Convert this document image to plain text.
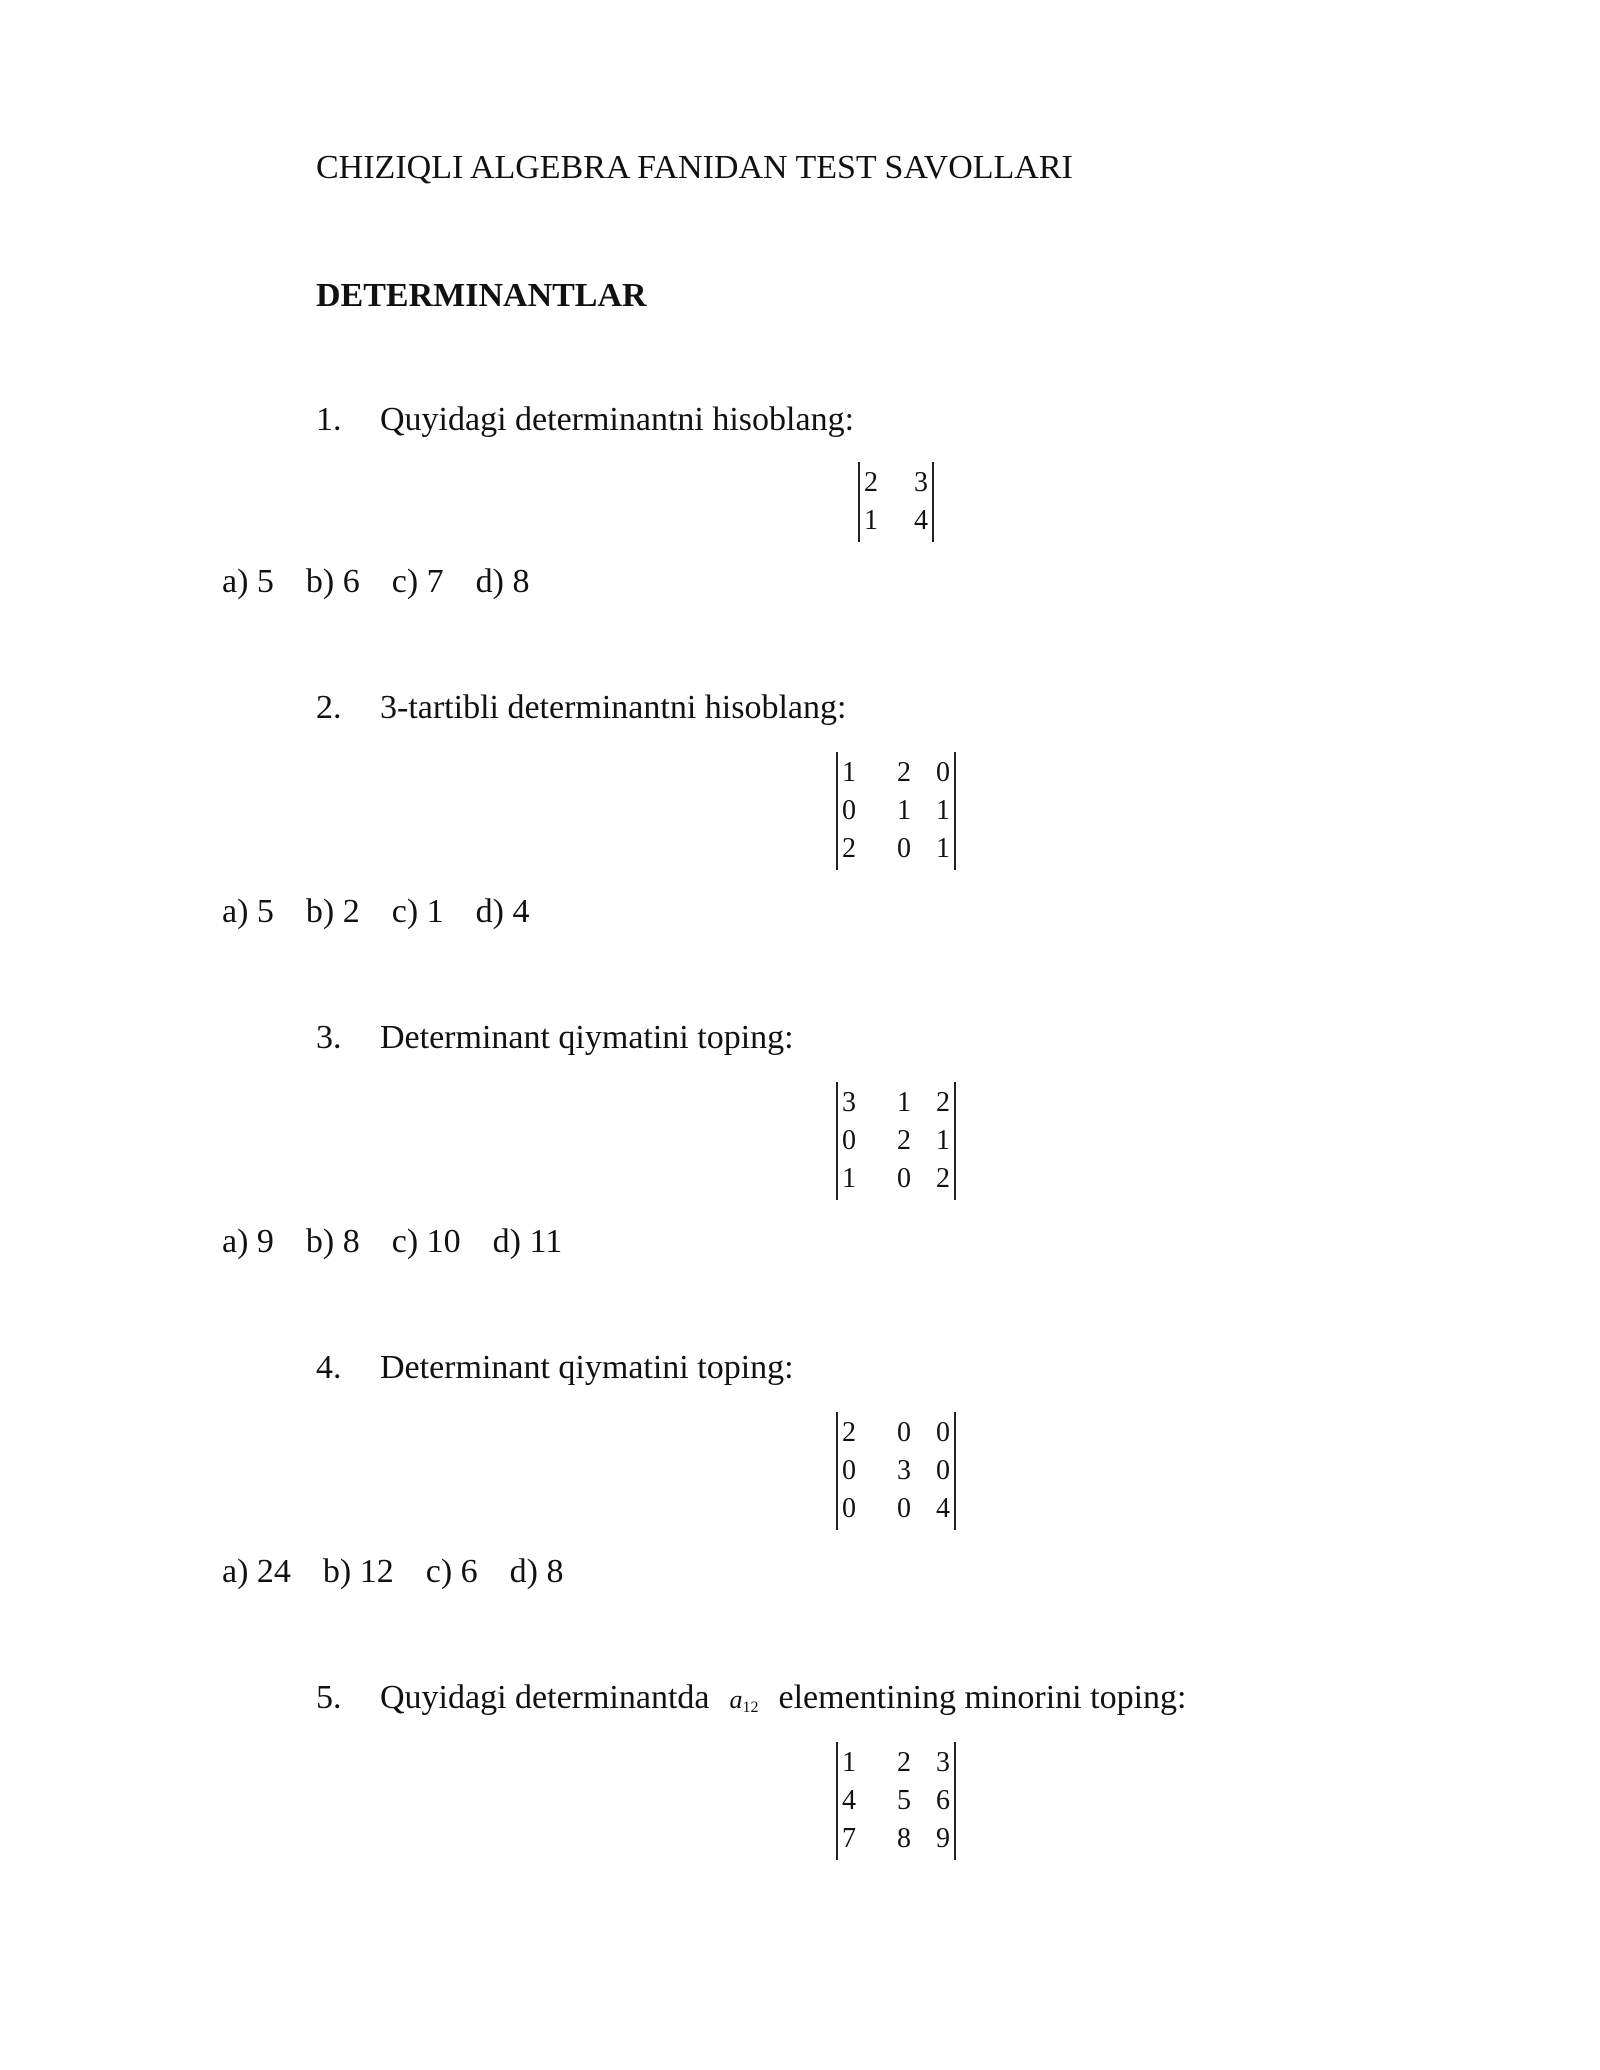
CHIZIQLI ALGEBRA FANIDAN TEST SAVOLLARI
DETERMINANTLAR
1. Quyidagi determinantni hisoblang:
2	3
1	4
a) 5 b) 6 c) 7 d) 8
2. 3-tartibli determinantni hisoblang:
1	2 0
0	1 1
2	0 1
a) 5 b) 2 c) 1 d) 4
3. Determinant qiymatini toping:
3	1 2
0	2 1
1	0 2
a) 9 b) 8 c) 10 d) 11
4. Determinant qiymatini toping:
2	0 0
0	3 0
0	0 4
a) 24 b) 12 c) 6 d) 8
5. Quyidagi determinantda a12 elementining minorini toping:
1	2 3
4	5 6
7	8 9
